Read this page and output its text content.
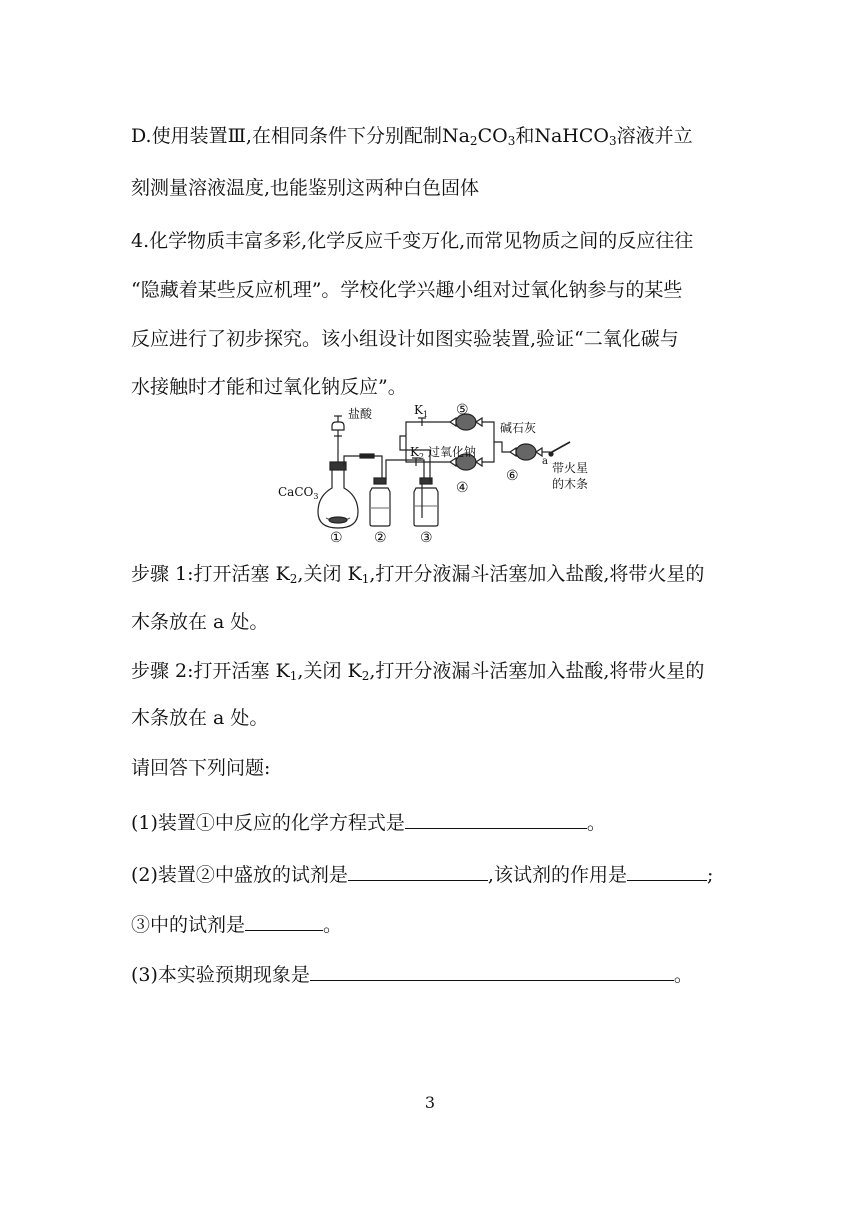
D.使用装置Ⅲ,在相同条件下分别配制$Na_2CO_3$和NaHCO$_3$溶液并立
刻测量溶液温度,也能鉴别这两种白色固体
4.化学物质丰富多彩,化学反应千变万化,而常见物质之间的反应往往
“隐藏着某些反应机理”。学校化学兴趣小组对过氧化钠参与的某些
反应进行了初步探究。该小组设计如图实验装置,验证“二氧化碳与
水接触时才能和过氧化钠反应”。
盐酸
CaCO$_3$
$K_1$
$K_2$ 过氧化钠
碱石灰
a 带火星
的木条
⑤
④
⑥
① ② ③
步骤 1:打开活塞 $K_2$,关闭 $K_1$,打开分液漏斗活塞加入盐酸,将带火星的
木条放在 a 处。
步骤 2:打开活塞 $K_1$,关闭 $K_2$,打开分液漏斗活塞加入盐酸,将带火星的
木条放在 a 处。
请回答下列问题:
(1)装置①中反应的化学方程式是	。
(2)装置②中盛放的试剂是	,该试剂的作用是	;
③中的试剂是	。
(3)本实验预期现象是	。
3
